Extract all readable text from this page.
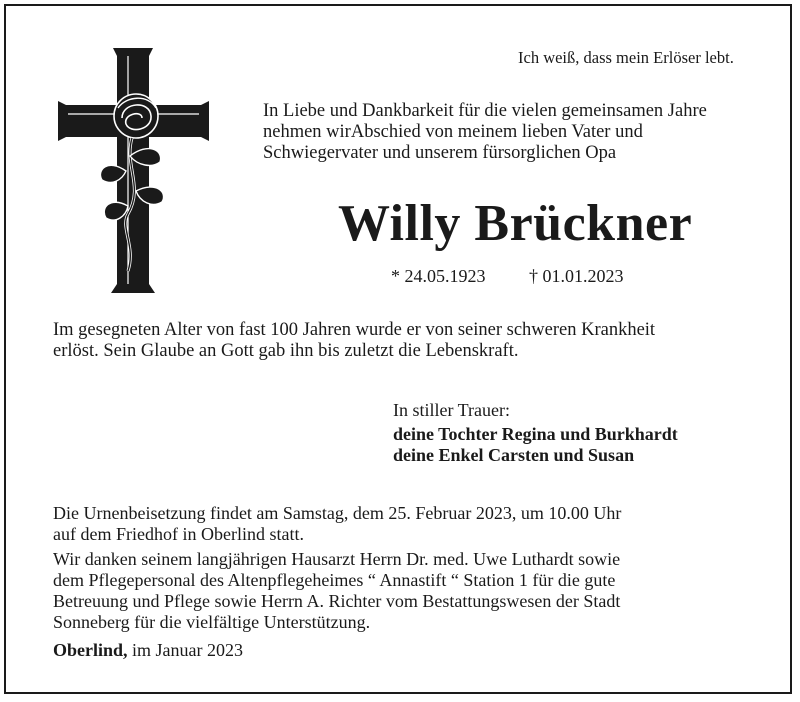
Ich weiß, dass mein Erlöser lebt.
In Liebe und Dankbarkeit für die vielen gemeinsamen Jahre
nehmen wirAbschied von meinem lieben Vater und
Schwiegervater und unserem fürsorglichen Opa
Willy Brückner
* 24.05.1923 † 01.01.2023
Im gesegneten Alter von fast 100 Jahren wurde er von seiner schweren Krankheit
erlöst. Sein Glaube an Gott gab ihn bis zuletzt die Lebenskraft.
In stiller Trauer:
deine Tochter Regina und Burkhardt
deine Enkel Carsten und Susan
Die Urnenbeisetzung findet am Samstag, dem 25. Februar 2023, um 10.00 Uhr
auf dem Friedhof in Oberlind statt.
Wir danken seinem langjährigen Hausarzt Herrn Dr. med. Uwe Luthardt sowie
dem Pflegepersonal des Altenpflegeheimes “ Annastift “ Station 1 für die gute
Betreuung und Pflege sowie Herrn A. Richter vom Bestattungswesen der Stadt
Sonneberg für die vielfältige Unterstützung.
Oberlind, im Januar 2023
